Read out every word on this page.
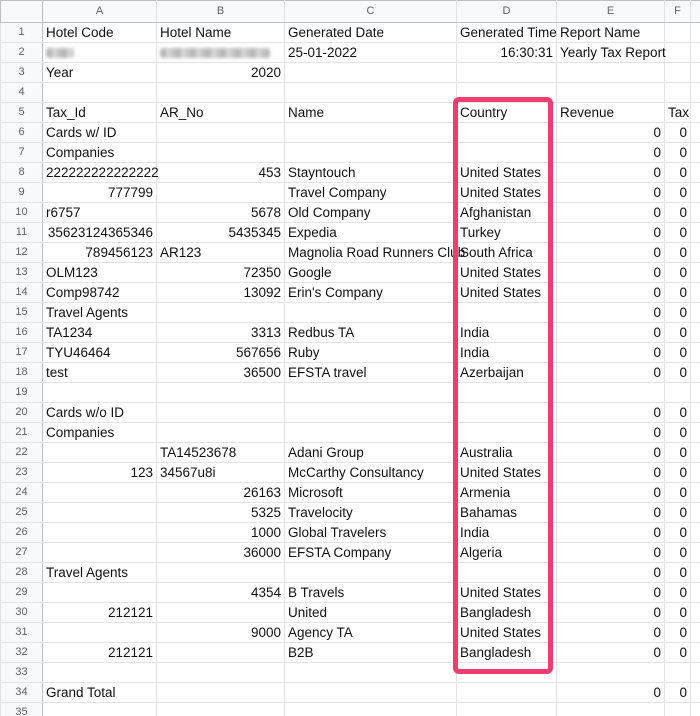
	A	B	C	D	E	F	
1	Hotel Code	Hotel Name	Generated Date	Generated Time	Report Name		
2			25-01-2022	16:30:31	Yearly Tax Report		
3	Year	2020					
4							
5	Tax_Id	AR_No	Name	Country	Revenue	Tax	
6	Cards w/ ID				0	0	
7	Companies				0	0	
8	222222222222222	453	Stayntouch	United States	0	0	
9	777799		Travel Company	United States	0	0	
10	r6757	5678	Old Company	Afghanistan	0	0	
11	35623124365346	5435345	Expedia	Turkey	0	0	
12	789456123	AR123	Magnolia Road Runners Club	South Africa	0	0	
13	OLM123	72350	Google	United States	0	0	
14	Comp98742	13092	Erin's Company	United States	0	0	
15	Travel Agents				0	0	
16	TA1234	3313	Redbus TA	India	0	0	
17	TYU46464	567656	Ruby	India	0	0	
18	test	36500	EFSTA travel	Azerbaijan	0	0	
19							
20	Cards w/o ID				0	0	
21	Companies				0	0	
22		TA14523678	Adani Group	Australia	0	0	
23	123	34567u8i	McCarthy Consultancy	United States	0	0	
24		26163	Microsoft	Armenia	0	0	
25		5325	Travelocity	Bahamas	0	0	
26		1000	Global Travelers	India	0	0	
27		36000	EFSTA Company	Algeria	0	0	
28	Travel Agents				0	0	
29		4354	B Travels	United States	0	0	
30	212121		United	Bangladesh	0	0	
31		9000	Agency TA	United States	0	0	
32	212121		B2B	Bangladesh	0	0	
33							
34	Grand Total				0	0	
35							
